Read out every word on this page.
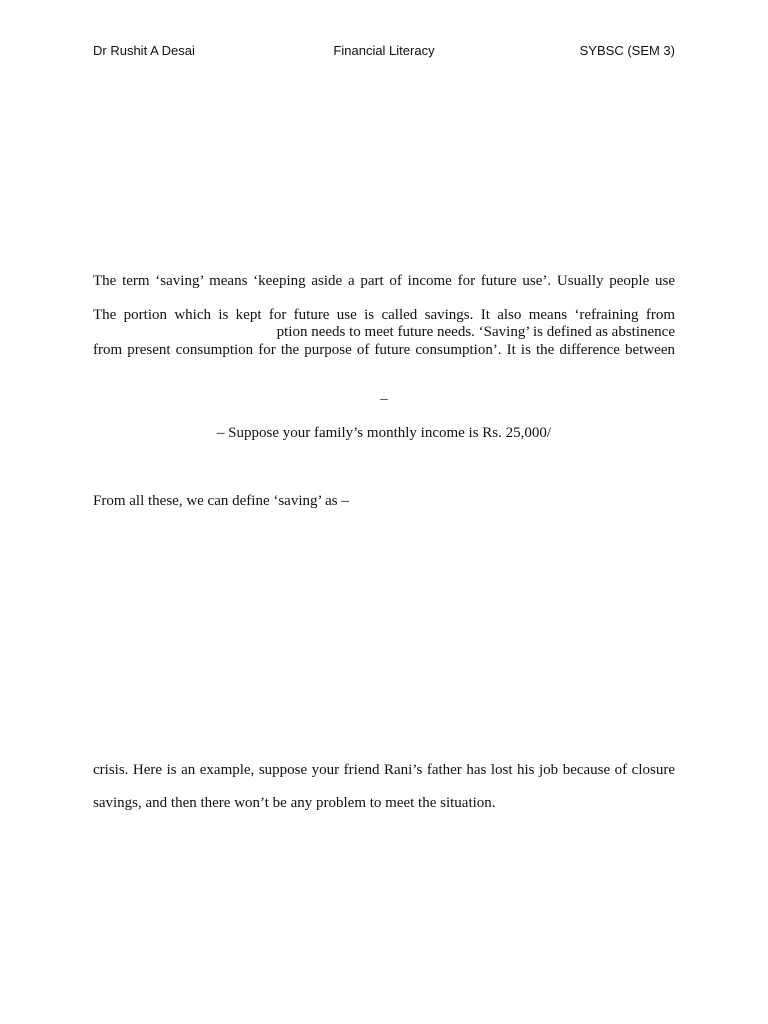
Dr Rushit A Desai	Financial Literacy	SYBSC (SEM 3)
The term ‘saving’ means ‘keeping aside a part of income for future use’. Usually people use
The portion which is kept for future use is called savings. It also means ‘refraining from
ption needs to meet future needs. ‘Saving’ is defined as abstinence
from present consumption for the purpose of future consumption’. It is the difference between
–
– Suppose your family’s monthly income is Rs. 25,000/
From all these, we can define ‘saving’ as –
crisis. Here is an example, suppose your friend Rani’s father has lost his job because of closure
savings, and then there won’t be any problem to meet the situation.
